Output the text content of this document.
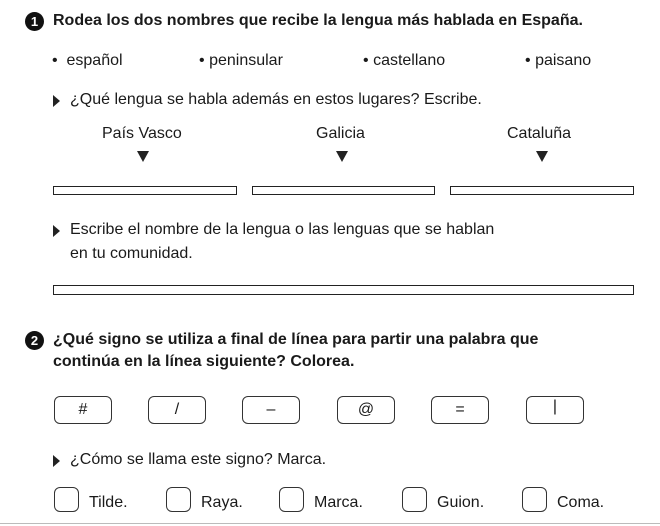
1 Rodea los dos nombres que recibe la lengua más hablada en España.
• español	• peninsular	• castellano	• paisano
¿Qué lengua se habla además en estos lugares? Escribe.
País Vasco	Galicia	Cataluña
Escribe el nombre de la lengua o las lenguas que se hablan
en tu comunidad.
2 ¿Qué signo se utiliza a final de línea para partir una palabra que
continúa en la línea siguiente? Colorea.
#	/	–	@	=	|
¿Cómo se llama este signo? Marca.
Tilde.	Raya.	Marca.	Guion.	Coma.
